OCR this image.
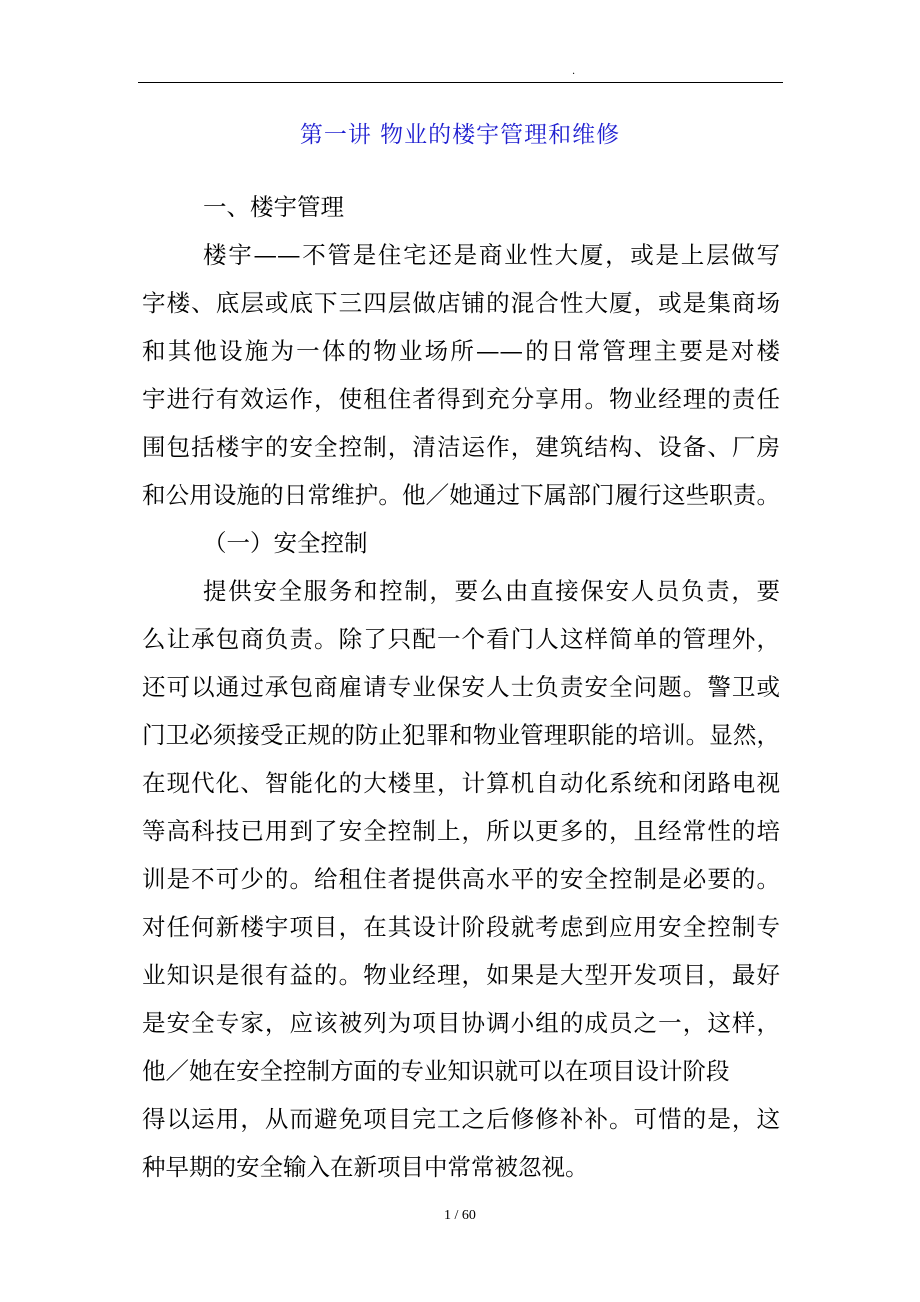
.
第一讲 物业的楼宇管理和维修
一、楼宇管理
楼宇——不管是住宅还是商业性大厦，或是上层做写
字楼、底层或底下三四层做店铺的混合性大厦，或是集商场
和其他设施为一体的物业场所——的日常管理主要是对楼
宇进行有效运作，使租住者得到充分享用。物业经理的责任
围包括楼宇的安全控制，清洁运作，建筑结构、设备、厂房
和公用设施的日常维护。他／她通过下属部门履行这些职责。
（一）安全控制
提供安全服务和控制，要么由直接保安人员负责，要
么让承包商负责。除了只配一个看门人这样简单的管理外，
还可以通过承包商雇请专业保安人士负责安全问题。警卫或
门卫必须接受正规的防止犯罪和物业管理职能的培训。显然，
在现代化、智能化的大楼里，计算机自动化系统和闭路电视
等高科技已用到了安全控制上，所以更多的，且经常性的培
训是不可少的。给租住者提供高水平的安全控制是必要的。
对任何新楼宇项目，在其设计阶段就考虑到应用安全控制专
业知识是很有益的。物业经理，如果是大型开发项目，最好
是安全专家，应该被列为项目协调小组的成员之一，这样，
他／她在安全控制方面的专业知识就可以在项目设计阶段
得以运用，从而避免项目完工之后修修补补。可惜的是，这
种早期的安全输入在新项目中常常被忽视。
1 / 60
